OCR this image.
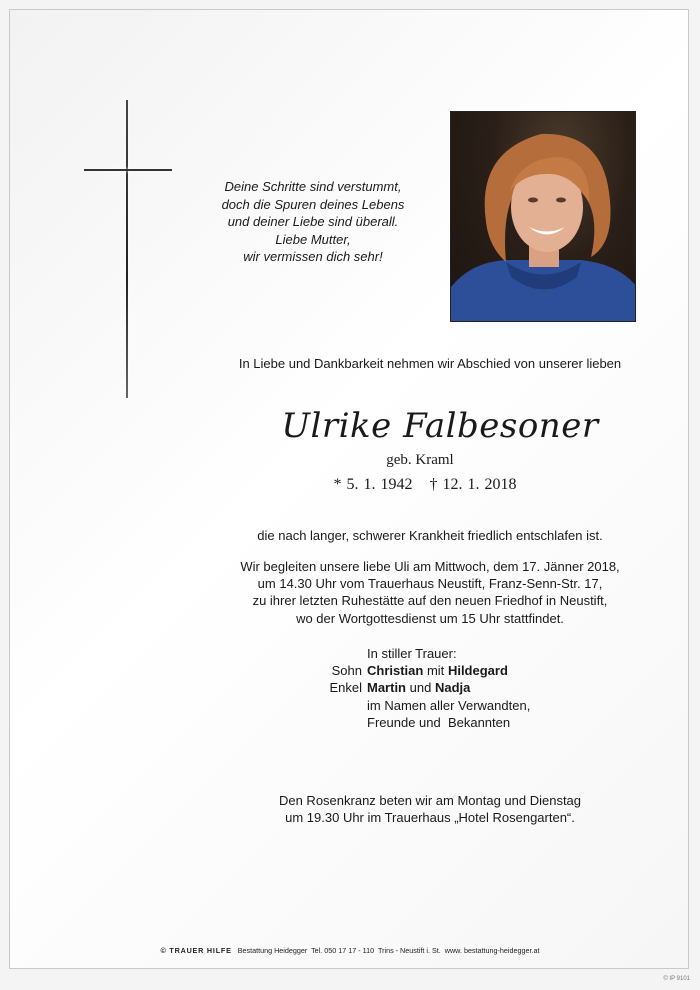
Deine Schritte sind verstummt,
doch die Spuren deines Lebens
und deiner Liebe sind überall.
Liebe Mutter,
wir vermissen dich sehr!
In Liebe und Dankbarkeit nehmen wir Abschied von unserer lieben
Ulrike Falbesoner
geb. Kraml
* 5. 1. 1942 † 12. 1. 2018
die nach langer, schwerer Krankheit friedlich entschlafen ist.
Wir begleiten unsere liebe Uli am Mittwoch, dem 17. Jänner 2018,
um 14.30 Uhr vom Trauerhaus Neustift, Franz-Senn-Str. 17,
zu ihrer letzten Ruhestätte auf den neuen Friedhof in Neustift,
wo der Wortgottesdienst um 15 Uhr stattfindet.
In stiller Trauer:
Sohn Christian mit Hildegard
Enkel Martin und Nadja
im Namen aller Verwandten,
Freunde und  Bekannten
Den Rosenkranz beten wir am Montag und Dienstag
um 19.30 Uhr im Trauerhaus „Hotel Rosengarten“.
© TRAUER HILFE Bestattung Heidegger  Tel. 050 17 17 - 110  Trins - Neustift i. St.  www. bestattung-heidegger.at
© IP 9101
